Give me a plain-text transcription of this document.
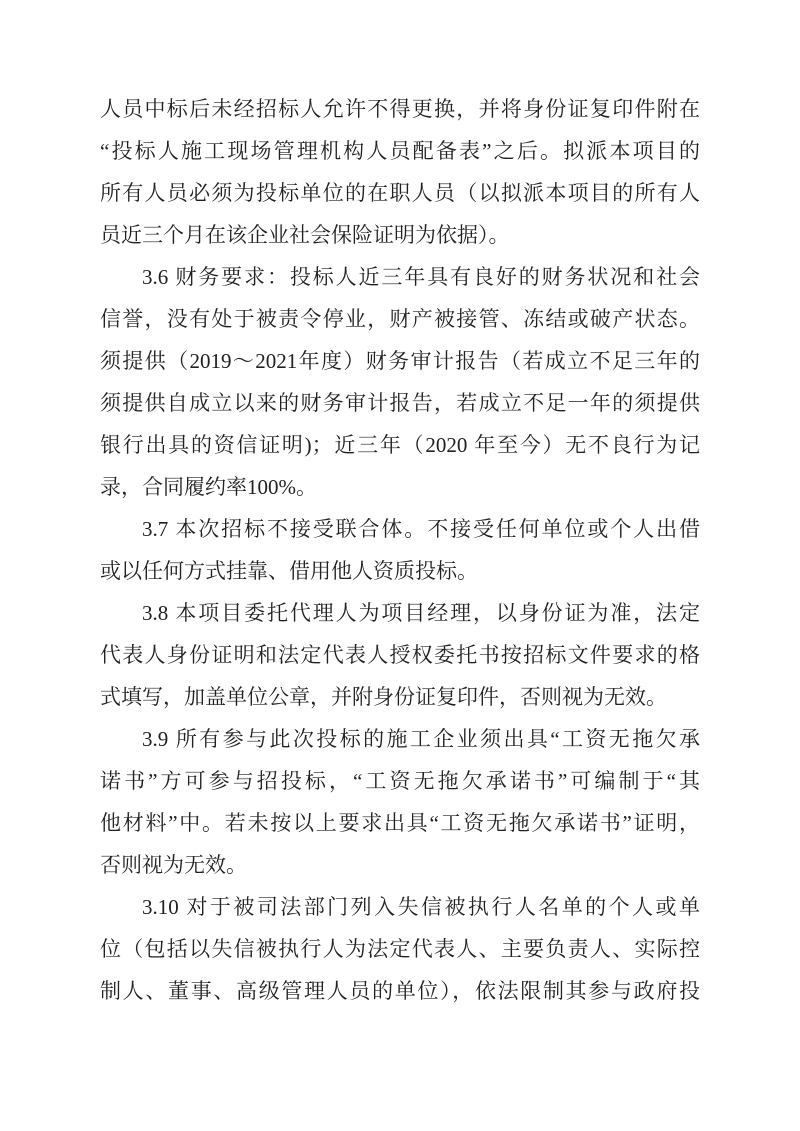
人员中标后未经招标人允许不得更换，并将身份证复印件附在
“投标人施工现场管理机构人员配备表”之后。拟派本项目的
所有人员必须为投标单位的在职人员（以拟派本项目的所有人
员近三个月在该企业社会保险证明为依据）。
3.6 财务要求：投标人近三年具有良好的财务状况和社会
信誉，没有处于被责令停业，财产被接管、冻结或破产状态。
须提供（2019～2021年度）财务审计报告（若成立不足三年的
须提供自成立以来的财务审计报告，若成立不足一年的须提供
银行出具的资信证明)；近三年（2020 年至今）无不良行为记
录，合同履约率100%。
3.7 本次招标不接受联合体。不接受任何单位或个人出借
或以任何方式挂靠、借用他人资质投标。
3.8 本项目委托代理人为项目经理，以身份证为准，法定
代表人身份证明和法定代表人授权委托书按招标文件要求的格
式填写，加盖单位公章，并附身份证复印件，否则视为无效。
3.9 所有参与此次投标的施工企业须出具“工资无拖欠承
诺书”方可参与招投标，“工资无拖欠承诺书”可编制于“其
他材料”中。若未按以上要求出具“工资无拖欠承诺书”证明，
否则视为无效。
3.10 对于被司法部门列入失信被执行人名单的个人或单
位（包括以失信被执行人为法定代表人、主要负责人、实际控
制人、董事、高级管理人员的单位），依法限制其参与政府投
